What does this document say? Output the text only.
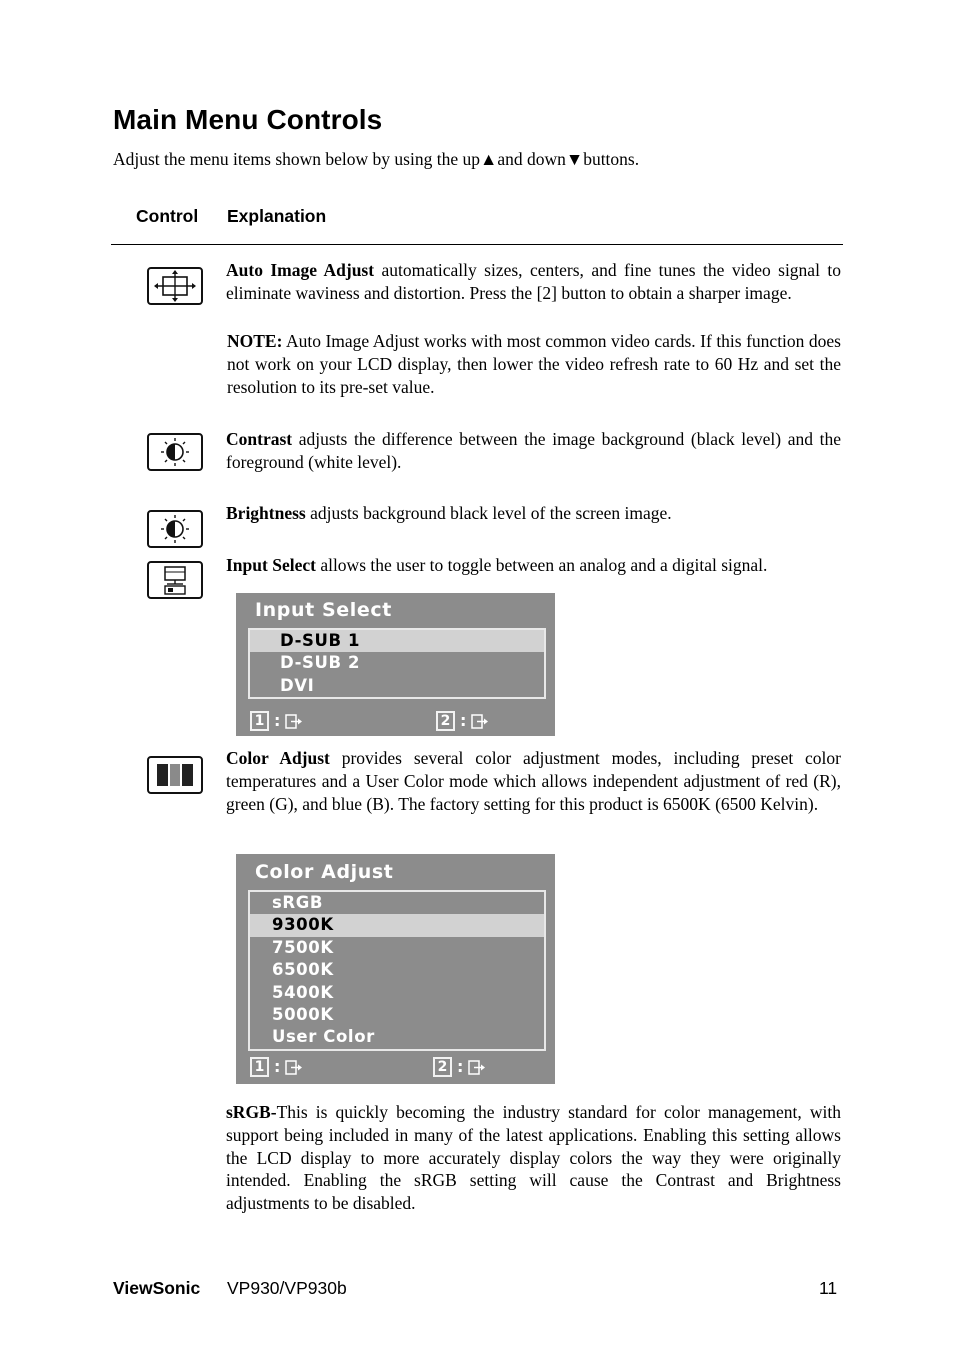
Main Menu Controls

Adjust the menu items shown below by using the up▲and down▼buttons.

Control Explanation

Auto Image Adjust automatically sizes, centers, and fine tunes the video signal to eliminate waviness and distortion. Press the [2] button to obtain a sharper image.

NOTE: Auto Image Adjust works with most common video cards. If this function does not work on your LCD display, then lower the video refresh rate to 60 Hz and set the resolution to its pre-set value.

Contrast adjusts the difference between the image background (black level) and the foreground (white level).

Brightness adjusts background black level of the screen image.

Input Select allows the user to toggle between an analog and a digital signal.

Input Select
D-SUB 1
D-SUB 2
DVI
1 :	2 :

Color Adjust provides several color adjustment modes, including preset color temperatures and a User Color mode which allows independent adjustment of red (R), green (G), and blue (B). The factory setting for this product is 6500K (6500 Kelvin).

Color Adjust
sRGB
9300K
7500K
6500K
5400K
5000K
User Color
1 :	2 :

sRGB-This is quickly becoming the industry standard for color management, with support being included in many of the latest applications. Enabling this setting allows the LCD display to more accurately display colors the way they were originally intended. Enabling the sRGB setting will cause the Contrast and Brightness adjustments to be disabled.

ViewSonic VP930/VP930b	11
